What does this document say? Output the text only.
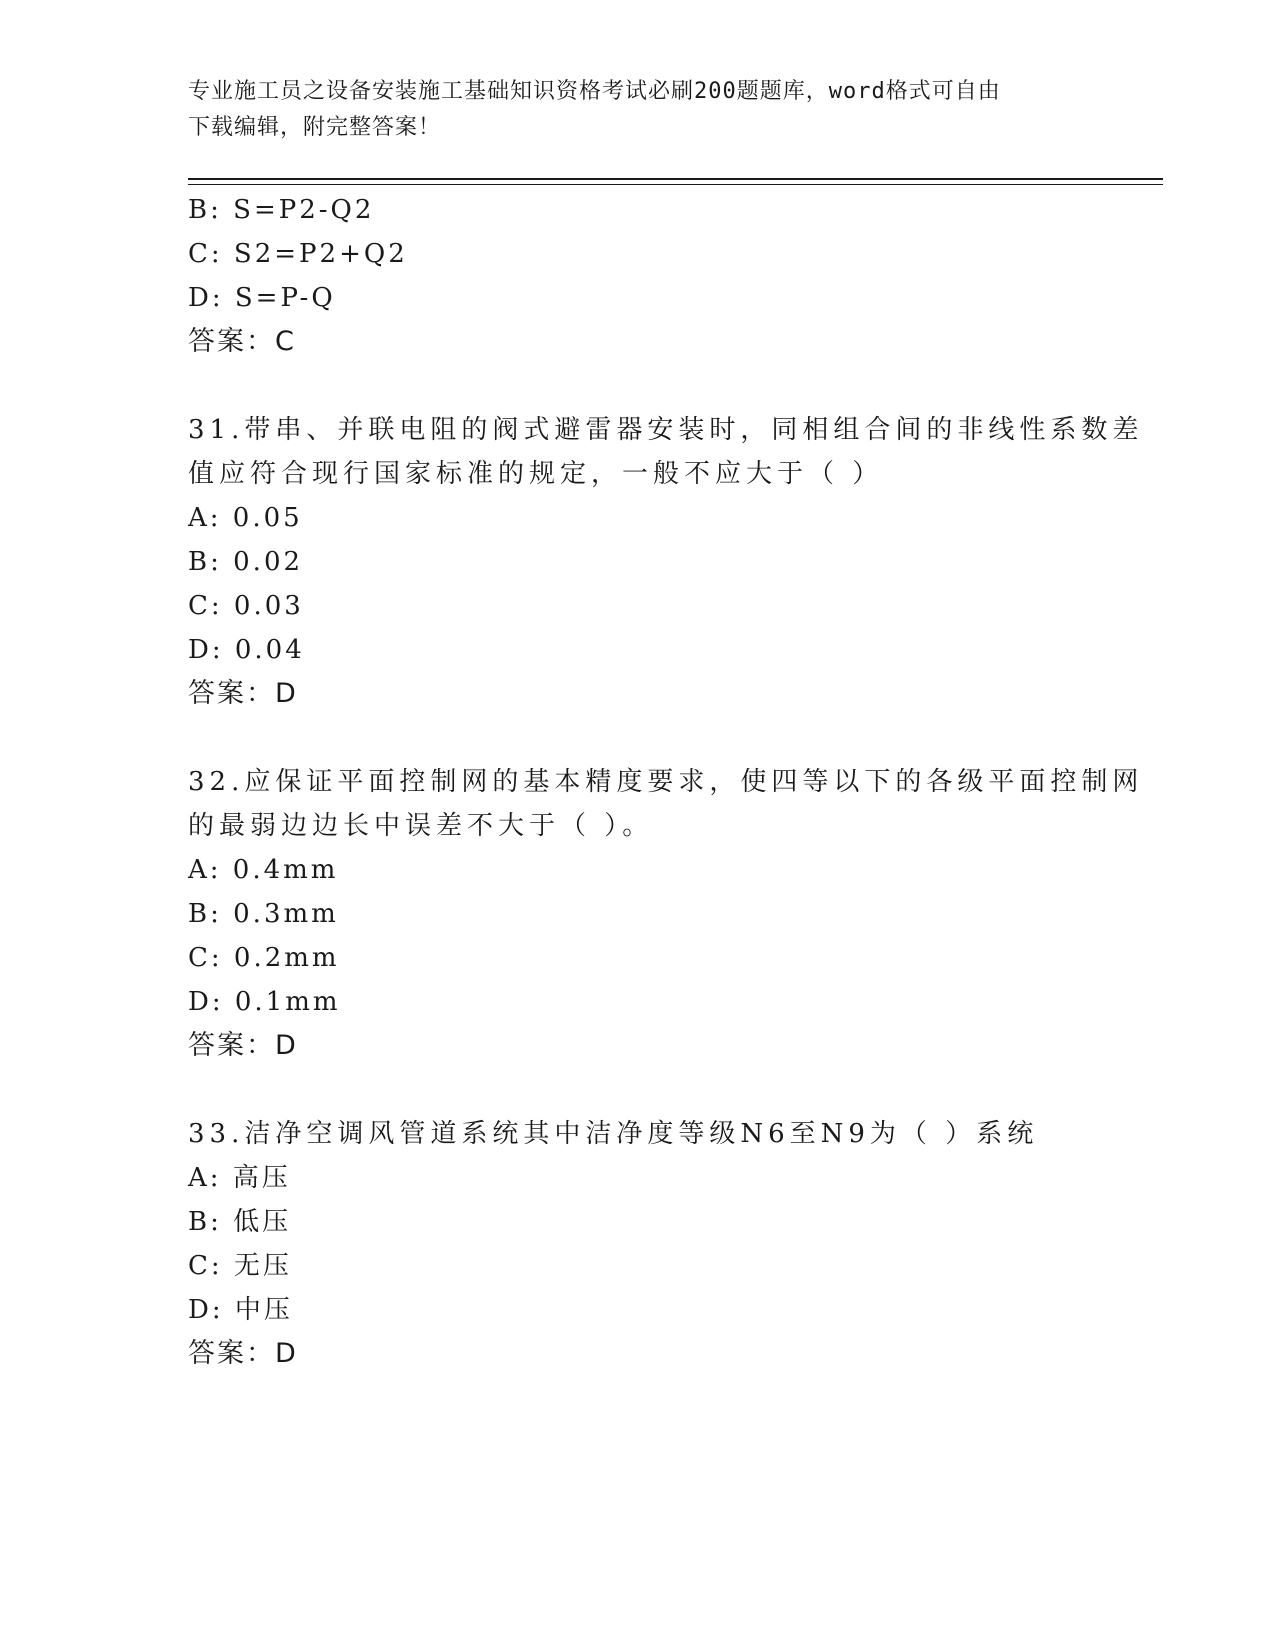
专业施工员之设备安装施工基础知识资格考试必刷200题题库，word格式可自由
下载编辑，附完整答案！
B: S=P2-Q2
C: S2=P2+Q2
D: S=P-Q
答案：C
31.带串、并联电阻的阀式避雷器安装时，同相组合间的非线性系数差
值应符合现行国家标准的规定，一般不应大于（ ）
A: 0.05
B: 0.02
C: 0.03
D: 0.04
答案：D
32.应保证平面控制网的基本精度要求，使四等以下的各级平面控制网
的最弱边边长中误差不大于（ ）。
A: 0.4mm
B: 0.3mm
C: 0.2mm
D: 0.1mm
答案：D
33.洁净空调风管道系统其中洁净度等级N6至N9为（ ）系统
A: 高压
B: 低压
C: 无压
D: 中压
答案：D
